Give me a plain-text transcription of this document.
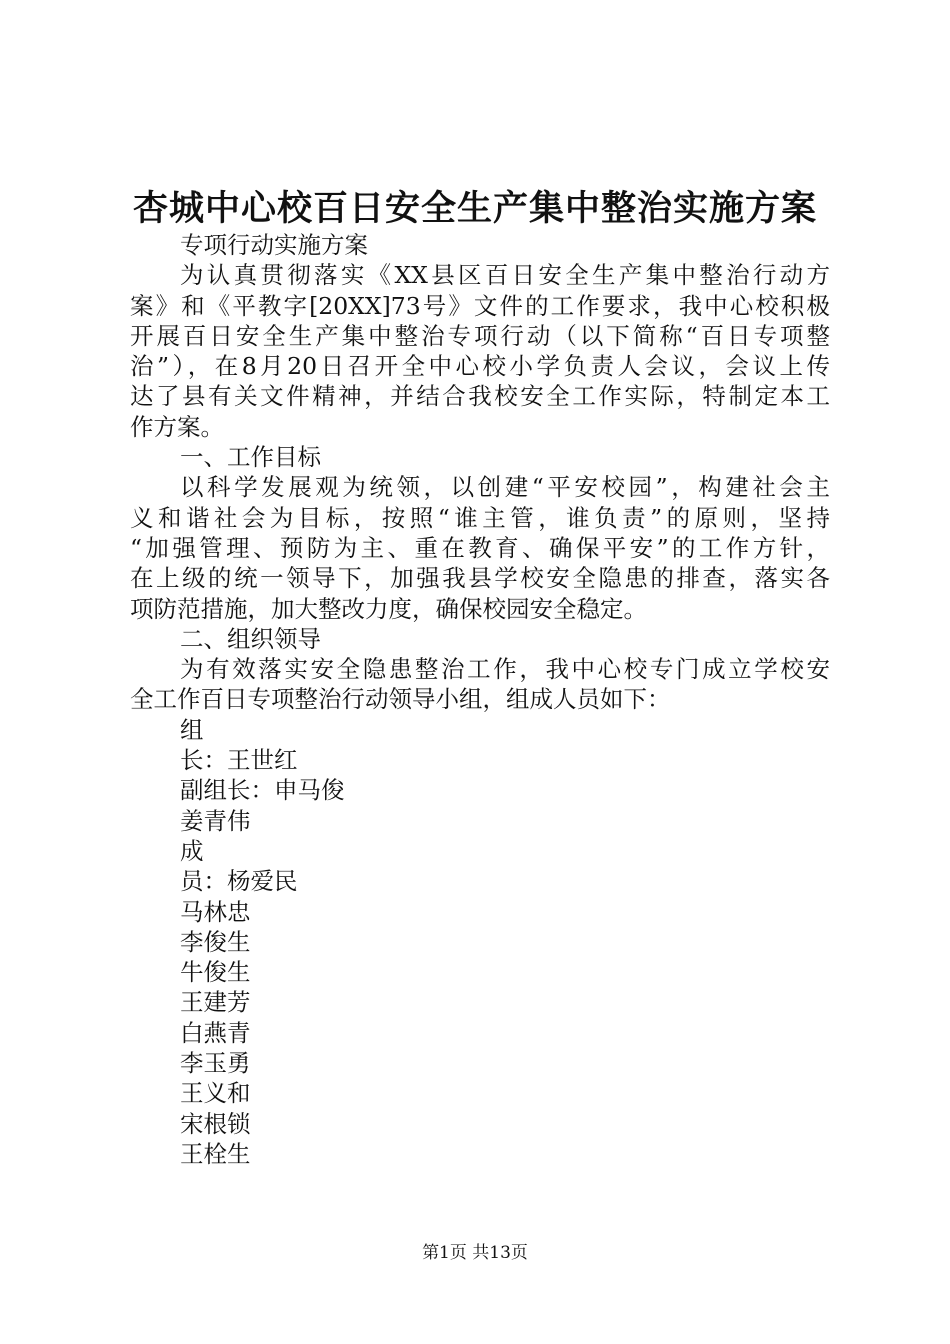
杏城中心校百日安全生产集中整治实施方案
专项行动实施方案
为认真贯彻落实《XX县区百日安全生产集中整治行动方
案》和《平教字[20XX]73号》文件的工作要求，我中心校积极
开展百日安全生产集中整治专项行动（以下简称“百日专项整
治”），在8月20日召开全中心校小学负责人会议，会议上传
达了县有关文件精神，并结合我校安全工作实际，特制定本工
作方案。
一、工作目标
以科学发展观为统领，以创建“平安校园”，构建社会主
义和谐社会为目标，按照“谁主管，谁负责”的原则，坚持
“加强管理、预防为主、重在教育、确保平安”的工作方针，
在上级的统一领导下，加强我县学校安全隐患的排查，落实各
项防范措施，加大整改力度，确保校园安全稳定。
二、组织领导
为有效落实安全隐患整治工作，我中心校专门成立学校安
全工作百日专项整治行动领导小组，组成人员如下：
组
长：王世红
副组长：申马俊
姜青伟
成
员：杨爱民
马林忠
李俊生
牛俊生
王建芳
白燕青
李玉勇
王义和
宋根锁
王栓生
第1页 共13页
